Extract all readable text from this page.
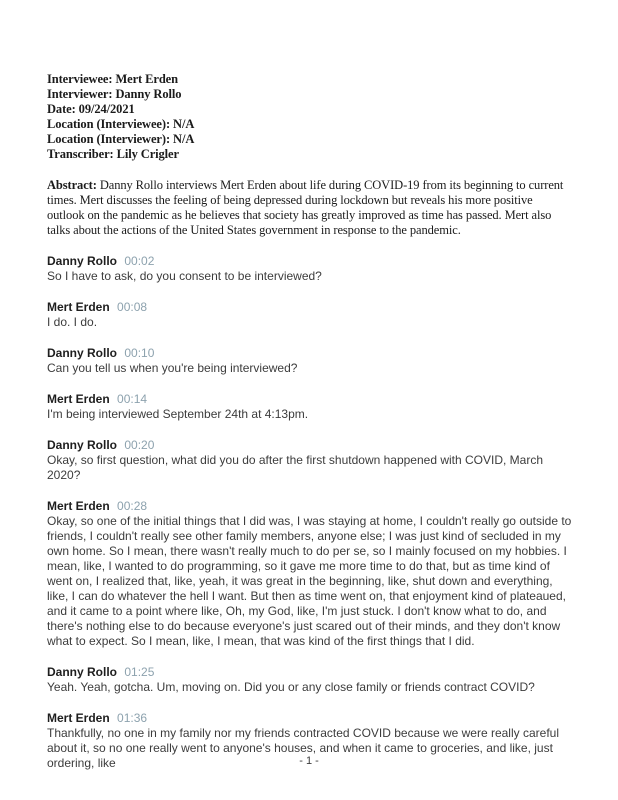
Interviewee: Mert Erden
Interviewer: Danny Rollo
Date: 09/24/2021
Location (Interviewee): N/A
Location (Interviewer): N/A
Transcriber: Lily Crigler

Abstract: Danny Rollo interviews Mert Erden about life during COVID-19 from its beginning to current times. Mert discusses the feeling of being depressed during lockdown but reveals his more positive outlook on the pandemic as he believes that society has greatly improved as time has passed. Mert also talks about the actions of the United States government in response to the pandemic.

Danny Rollo 00:02
So I have to ask, do you consent to be interviewed?
Mert Erden 00:08
I do. I do.
Danny Rollo 00:10
Can you tell us when you're being interviewed?
Mert Erden 00:14
I'm being interviewed September 24th at 4:13pm.
Danny Rollo 00:20
Okay, so first question, what did you do after the first shutdown happened with COVID, March 2020?
Mert Erden 00:28
Okay, so one of the initial things that I did was, I was staying at home, I couldn't really go outside to friends, I couldn't really see other family members, anyone else; I was just kind of secluded in my own home. So I mean, there wasn't really much to do per se, so I mainly focused on my hobbies. I mean, like, I wanted to do programming, so it gave me more time to do that, but as time kind of went on, I realized that, like, yeah, it was great in the beginning, like, shut down and everything, like, I can do whatever the hell I want. But then as time went on, that enjoyment kind of plateaued, and it came to a point where like, Oh, my God, like, I'm just stuck. I don't know what to do, and there's nothing else to do because everyone's just scared out of their minds, and they don't know what to expect. So I mean, like, I mean, that was kind of the first things that I did.
Danny Rollo 01:25
Yeah. Yeah, gotcha. Um, moving on. Did you or any close family or friends contract COVID?
Mert Erden 01:36
Thankfully, no one in my family nor my friends contracted COVID because we were really careful about it, so no one really went to anyone's houses, and when it came to groceries, and like, just ordering, like	- 1 -
